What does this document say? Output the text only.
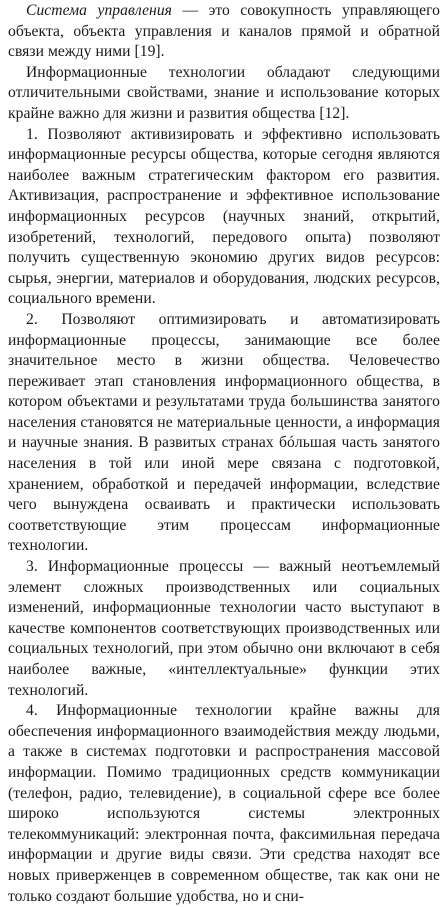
Система управления — это совокупность управляющего объекта, объекта управления и каналов прямой и обратной связи между ними [19].

Информационные технологии обладают следующими отличительными свойствами, знание и использование которых крайне важно для жизни и развития общества [12].

1. Позволяют активизировать и эффективно использовать информационные ресурсы общества, которые сегодня являются наиболее важным стратегическим фактором его развития. Активизация, распространение и эффективное использование информационных ресурсов (научных знаний, открытий, изобретений, технологий, передового опыта) позволяют получить существенную экономию других видов ресурсов: сырья, энергии, материалов и оборудования, людских ресурсов, социального времени.

2. Позволяют оптимизировать и автоматизировать информационные процессы, занимающие все более значительное место в жизни общества. Человечество переживает этап становления информационного общества, в котором объектами и результатами труда большинства занятого населения становятся не материальные ценности, а информация и научные знания. В развитых странах бóльшая часть занятого населения в той или иной мере связана с подготовкой, хранением, обработкой и передачей информации, вследствие чего вынуждена осваивать и практически использовать соответствующие этим процессам информационные технологии.

3. Информационные процессы — важный неотъемлемый элемент сложных производственных или социальных изменений, информационные технологии часто выступают в качестве компонентов соответствующих производственных или социальных технологий, при этом обычно они включают в себя наиболее важные, «интеллектуальные» функции этих технологий.

4. Информационные технологии крайне важны для обеспечения информационного взаимодействия между людьми, а также в системах подготовки и распространения массовой информации. Помимо традиционных средств коммуникации (телефон, радио, телевидение), в социальной сфере все более широко используются системы электронных телекоммуникаций: электронная почта, факсимильная передача информации и другие виды связи. Эти средства находят все новых приверженцев в современном обществе, так как они не только создают большие удобства, но и сни-
